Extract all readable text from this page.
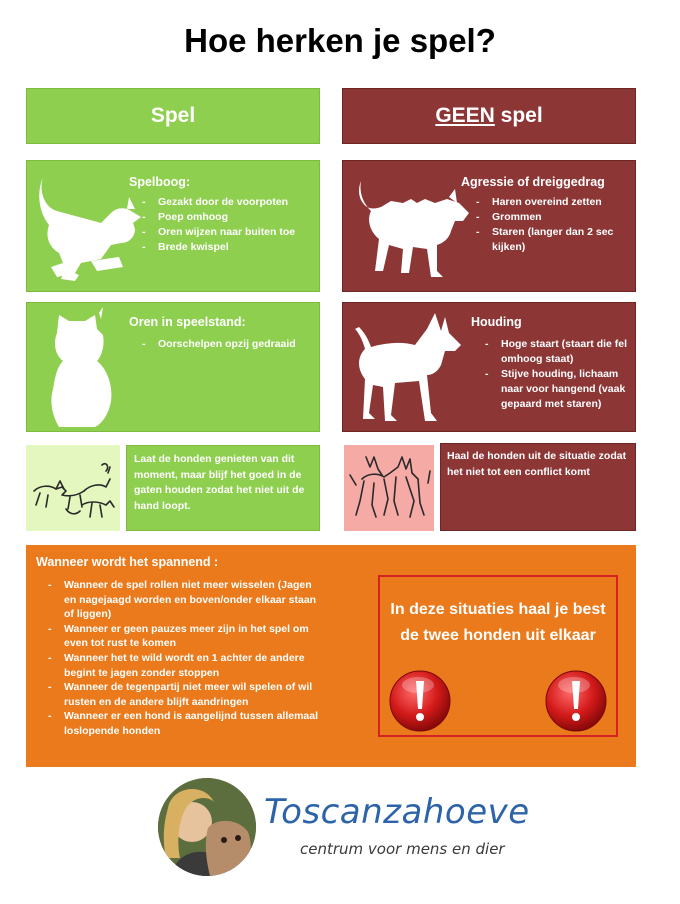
Hoe herken je spel?
Spel	GEEN spel
Spelboog:
- Gezakt door de voorpoten
- Poep omhoog
- Oren wijzen naar buiten toe
- Brede kwispel
Agressie of dreiggedrag
- Haren overeind zetten
- Grommen
- Staren (langer dan 2 sec kijken)
Oren in speelstand:
- Oorschelpen opzij gedraaid
Houding
- Hoge staart (staart die fel omhoog staat)
- Stijve houding, lichaam naar voor hangend (vaak gepaard met staren)
Laat de honden genieten van dit moment, maar blijf het goed in de gaten houden zodat het niet uit de hand loopt.
Haal de honden uit de situatie zodat het niet tot een conflict komt
Wanneer wordt het spannend :
- Wanneer de spel rollen niet meer wisselen (Jagen en nagejaagd worden en boven/onder elkaar staan of liggen)
- Wanneer er geen pauzes meer zijn in het spel om even tot rust te komen
- Wanneer het te wild wordt en 1 achter de andere begint te jagen zonder stoppen
- Wanneer de tegenpartij niet meer wil spelen of wil rusten en de andere blijft aandringen
- Wanneer er een hond is aangelijnd tussen allemaal loslopende honden
In deze situaties haal je best de twee honden uit elkaar
Toscanzahoeve
centrum voor mens en dier
